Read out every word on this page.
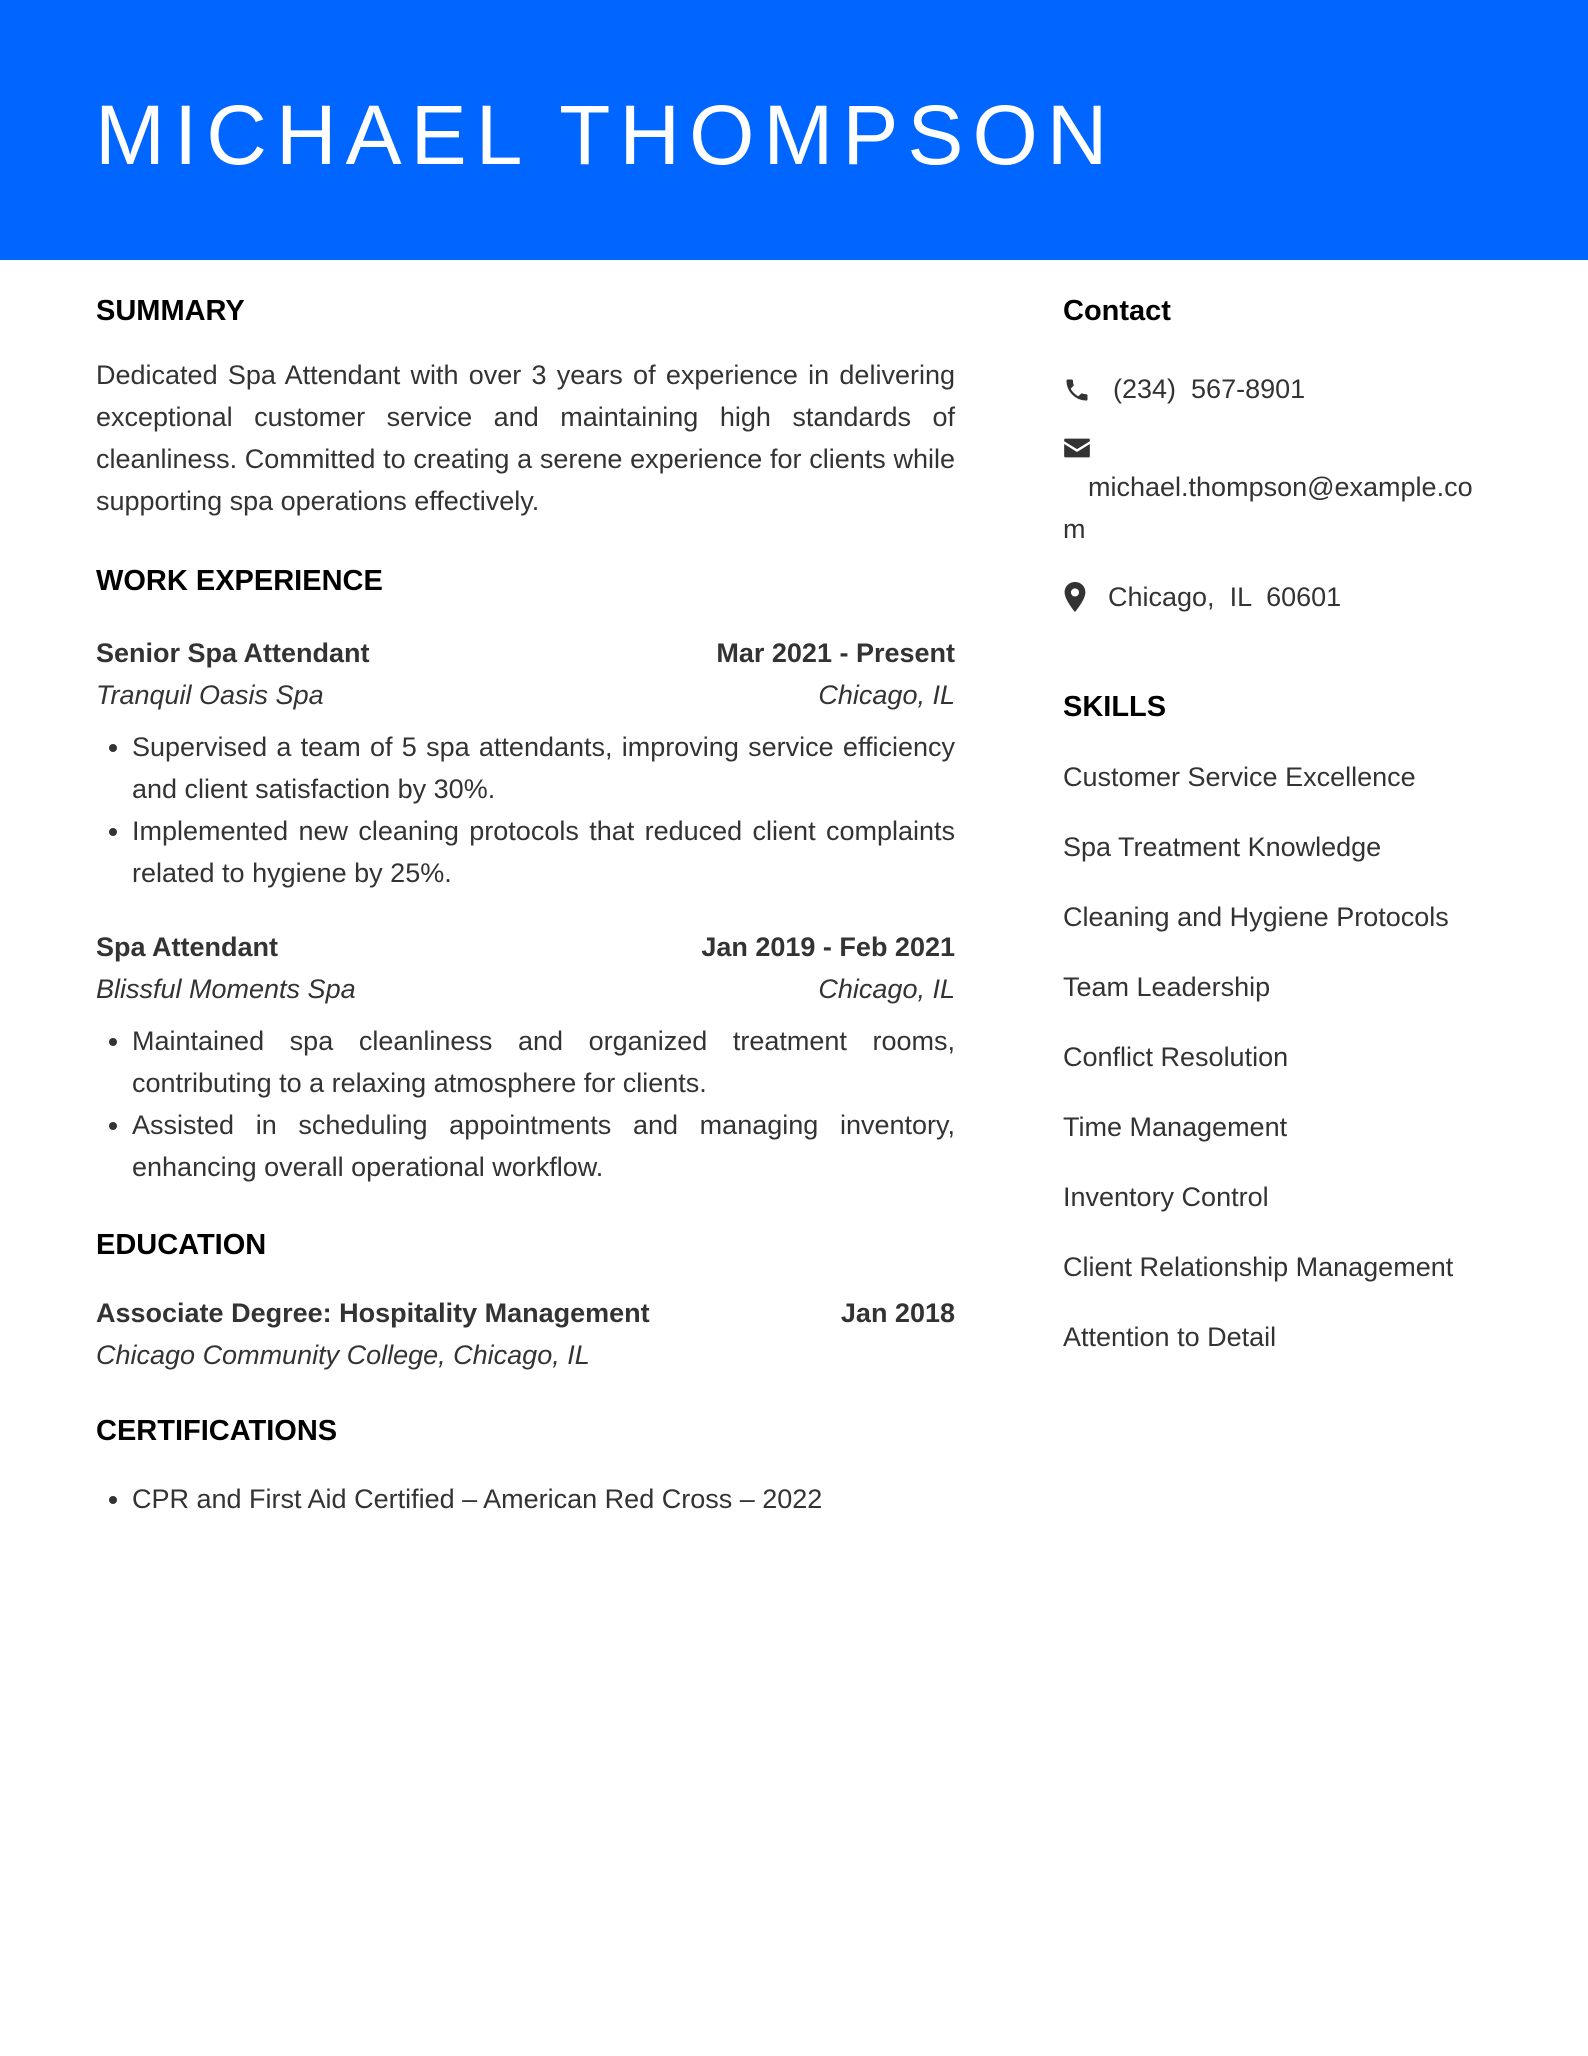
MICHAEL THOMPSON
SUMMARY

Dedicated Spa Attendant with over 3 years of experience in delivering exceptional customer service and maintaining high standards of cleanliness. Committed to creating a serene experience for clients while supporting spa operations effectively.

WORK EXPERIENCE
Senior Spa Attendant	Mar 2021 - Present
Tranquil Oasis Spa	Chicago, IL
• Supervised a team of 5 spa attendants, improving service efficiency and client satisfaction by 30%.
• Implemented new cleaning protocols that reduced client complaints related to hygiene by 25%.
Spa Attendant	Jan 2019 - Feb 2021
Blissful Moments Spa	Chicago, IL
• Maintained spa cleanliness and organized treatment rooms, contributing to a relaxing atmosphere for clients.
• Assisted in scheduling appointments and managing inventory, enhancing overall operational workflow.
EDUCATION
Associate Degree: Hospitality Management	Jan 2018
Chicago Community College, Chicago, IL
CERTIFICATIONS
• CPR and First Aid Certified – American Red Cross – 2022
Contact
(234)  567-8901
michael.thompson@example.co
m
Chicago,  IL  60601
SKILLS
Customer Service Excellence
Spa Treatment Knowledge
Cleaning and Hygiene Protocols
Team Leadership
Conflict Resolution
Time Management
Inventory Control
Client Relationship Management
Attention to Detail
